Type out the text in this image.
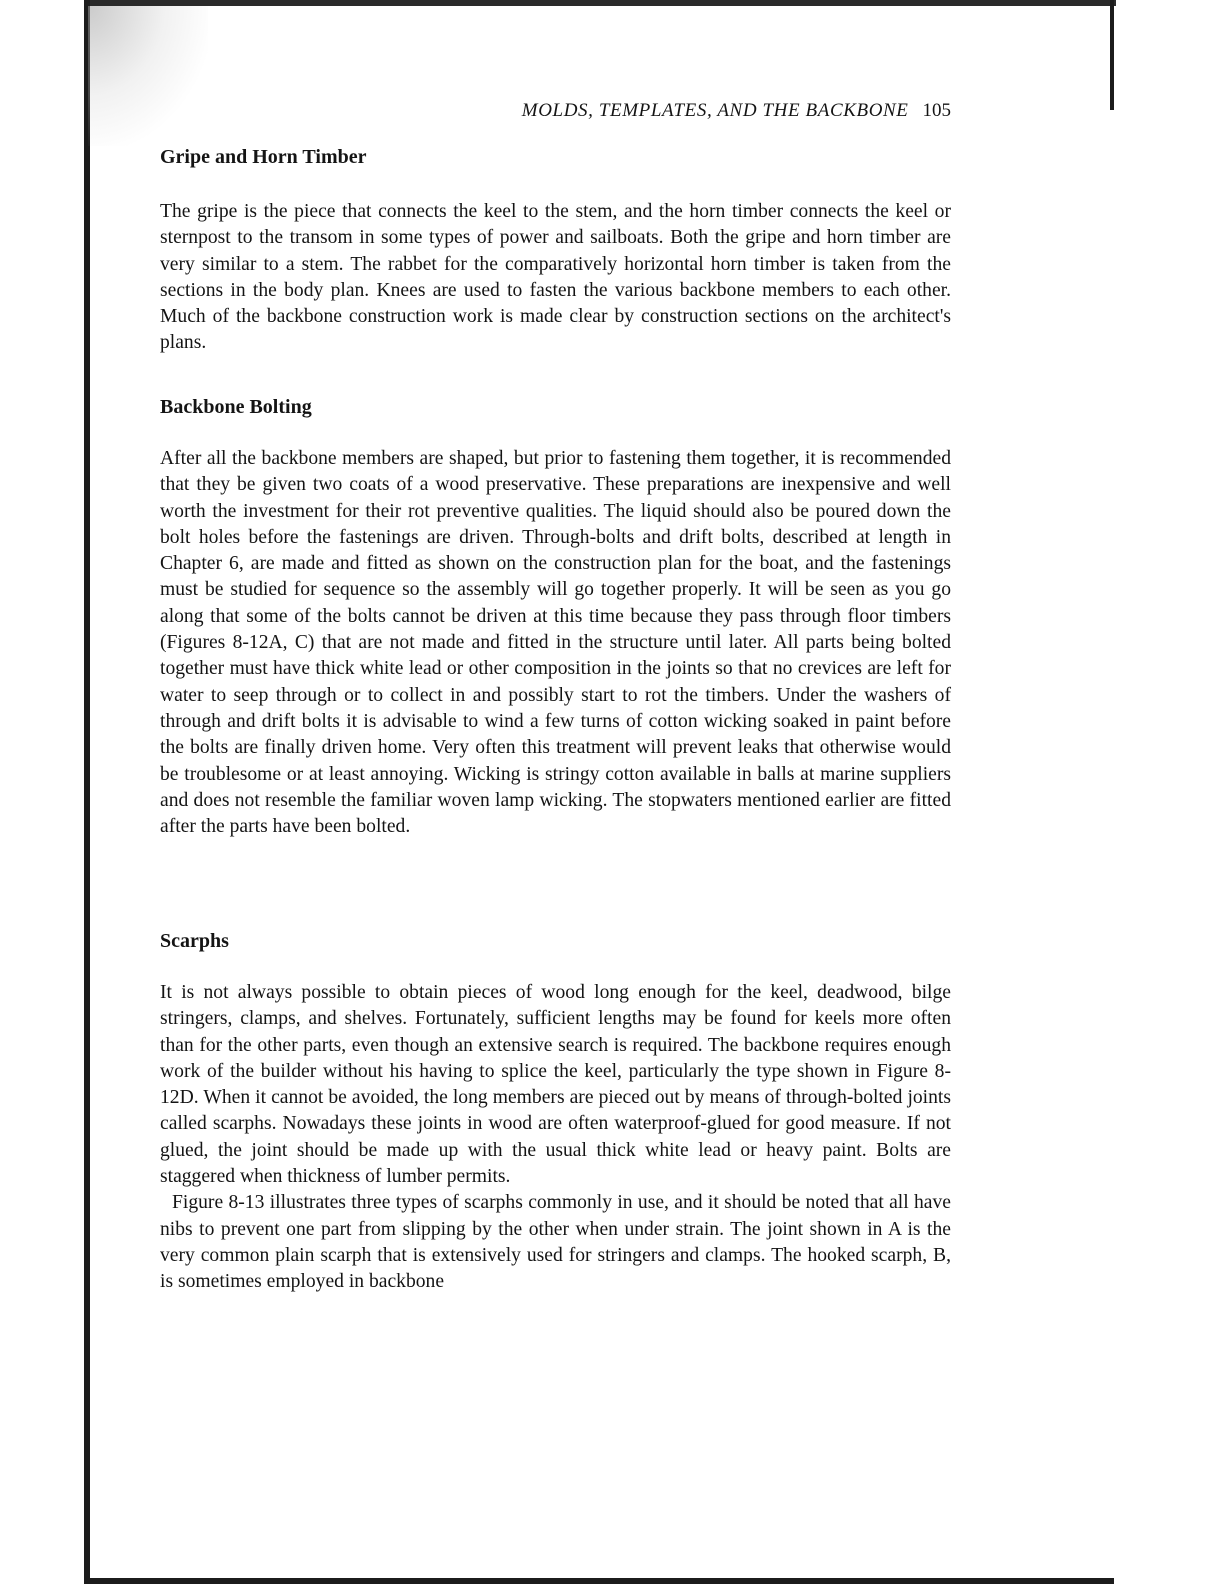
MOLDS, TEMPLATES, AND THE BACKBONE 105
Gripe and Horn Timber

The gripe is the piece that connects the keel to the stem, and the horn timber connects the keel or sternpost to the transom in some types of power and sailboats. Both the gripe and horn timber are very similar to a stem. The rabbet for the comparatively horizontal horn timber is taken from the sections in the body plan. Knees are used to fasten the various backbone members to each other. Much of the backbone construction work is made clear by construction sections on the architect's plans.

Backbone Bolting

After all the backbone members are shaped, but prior to fastening them together, it is recommended that they be given two coats of a wood preservative. These preparations are inexpensive and well worth the investment for their rot preventive qualities. The liquid should also be poured down the bolt holes before the fastenings are driven. Through-bolts and drift bolts, described at length in Chapter 6, are made and fitted as shown on the construction plan for the boat, and the fastenings must be studied for sequence so the assembly will go together properly. It will be seen as you go along that some of the bolts cannot be driven at this time because they pass through floor timbers (Figures 8-12A, C) that are not made and fitted in the structure until later. All parts being bolted together must have thick white lead or other composition in the joints so that no crevices are left for water to seep through or to collect in and possibly start to rot the timbers. Under the washers of through and drift bolts it is advisable to wind a few turns of cotton wicking soaked in paint before the bolts are finally driven home. Very often this treatment will prevent leaks that otherwise would be troublesome or at least annoying. Wicking is stringy cotton available in balls at marine suppliers and does not resemble the familiar woven lamp wicking. The stopwaters mentioned earlier are fitted after the parts have been bolted.

Scarphs

It is not always possible to obtain pieces of wood long enough for the keel, deadwood, bilge stringers, clamps, and shelves. Fortunately, sufficient lengths may be found for keels more often than for the other parts, even though an extensive search is required. The backbone requires enough work of the builder without his having to splice the keel, particularly the type shown in Figure 8-12D. When it cannot be avoided, the long members are pieced out by means of through-bolted joints called scarphs. Nowadays these joints in wood are often waterproof-glued for good measure. If not glued, the joint should be made up with the usual thick white lead or heavy paint. Bolts are staggered when thickness of lumber permits.

Figure 8-13 illustrates three types of scarphs commonly in use, and it should be noted that all have nibs to prevent one part from slipping by the other when under strain. The joint shown in A is the very common plain scarph that is extensively used for stringers and clamps. The hooked scarph, B, is sometimes employed in backbone
